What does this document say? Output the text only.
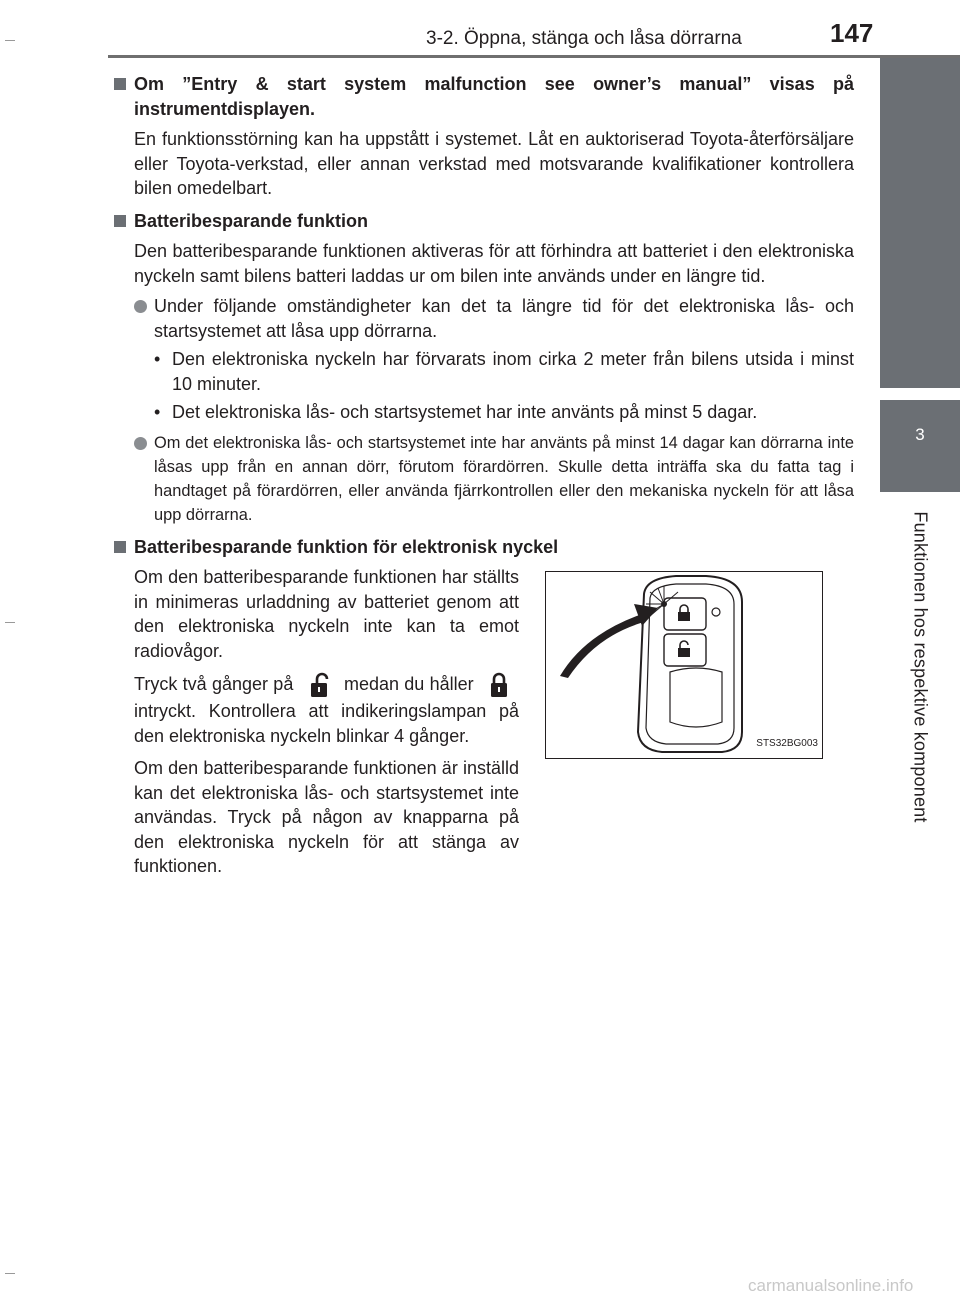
3-2. Öppna, stänga och låsa dörrarna	147
3
Funktionen hos respektive komponent

Om ”Entry & start system malfunction see owner’s manual” visas på instrumentdisplayen.

En funktionsstörning kan ha uppstått i systemet. Låt en auktoriserad Toyota-återförsäljare eller Toyota-verkstad, eller annan verkstad med motsvarande kvalifikationer kontrollera bilen omedelbart.

Batteribesparande funktion

Den batteribesparande funktionen aktiveras för att förhindra att batteriet i den elektroniska nyckeln samt bilens batteri laddas ur om bilen inte används under en längre tid.

Under följande omständigheter kan det ta längre tid för det elektroniska lås- och startsystemet att låsa upp dörrarna.

• Den elektroniska nyckeln har förvarats inom cirka 2 meter från bilens utsida i minst 10 minuter.

• Det elektroniska lås- och startsystemet har inte använts på minst 5 dagar.

Om det elektroniska lås- och startsystemet inte har använts på minst 14 dagar kan dörrarna inte låsas upp från en annan dörr, förutom förardörren. Skulle detta inträffa ska du fatta tag i handtaget på förardörren, eller använda fjärrkontrollen eller den mekaniska nyckeln för att låsa upp dörrarna.

Batteribesparande funktion för elektronisk nyckel

Om den batteribesparande funktionen har ställts in minimeras urladdning av batteriet genom att den elektroniska nyckeln inte kan ta emot radiovågor.

Tryck två gånger på	medan du håller  intryckt. Kontrollera att indikeringslampan på den elektroniska nyckeln blinkar 4 gånger.

Om den batteribesparande funktionen är inställd kan det elektroniska lås- och startsystemet inte användas. Tryck på någon av knapparna på den elektroniska nyckeln för att stänga av funktionen.

STS32BG003
carmanualsonline.info
